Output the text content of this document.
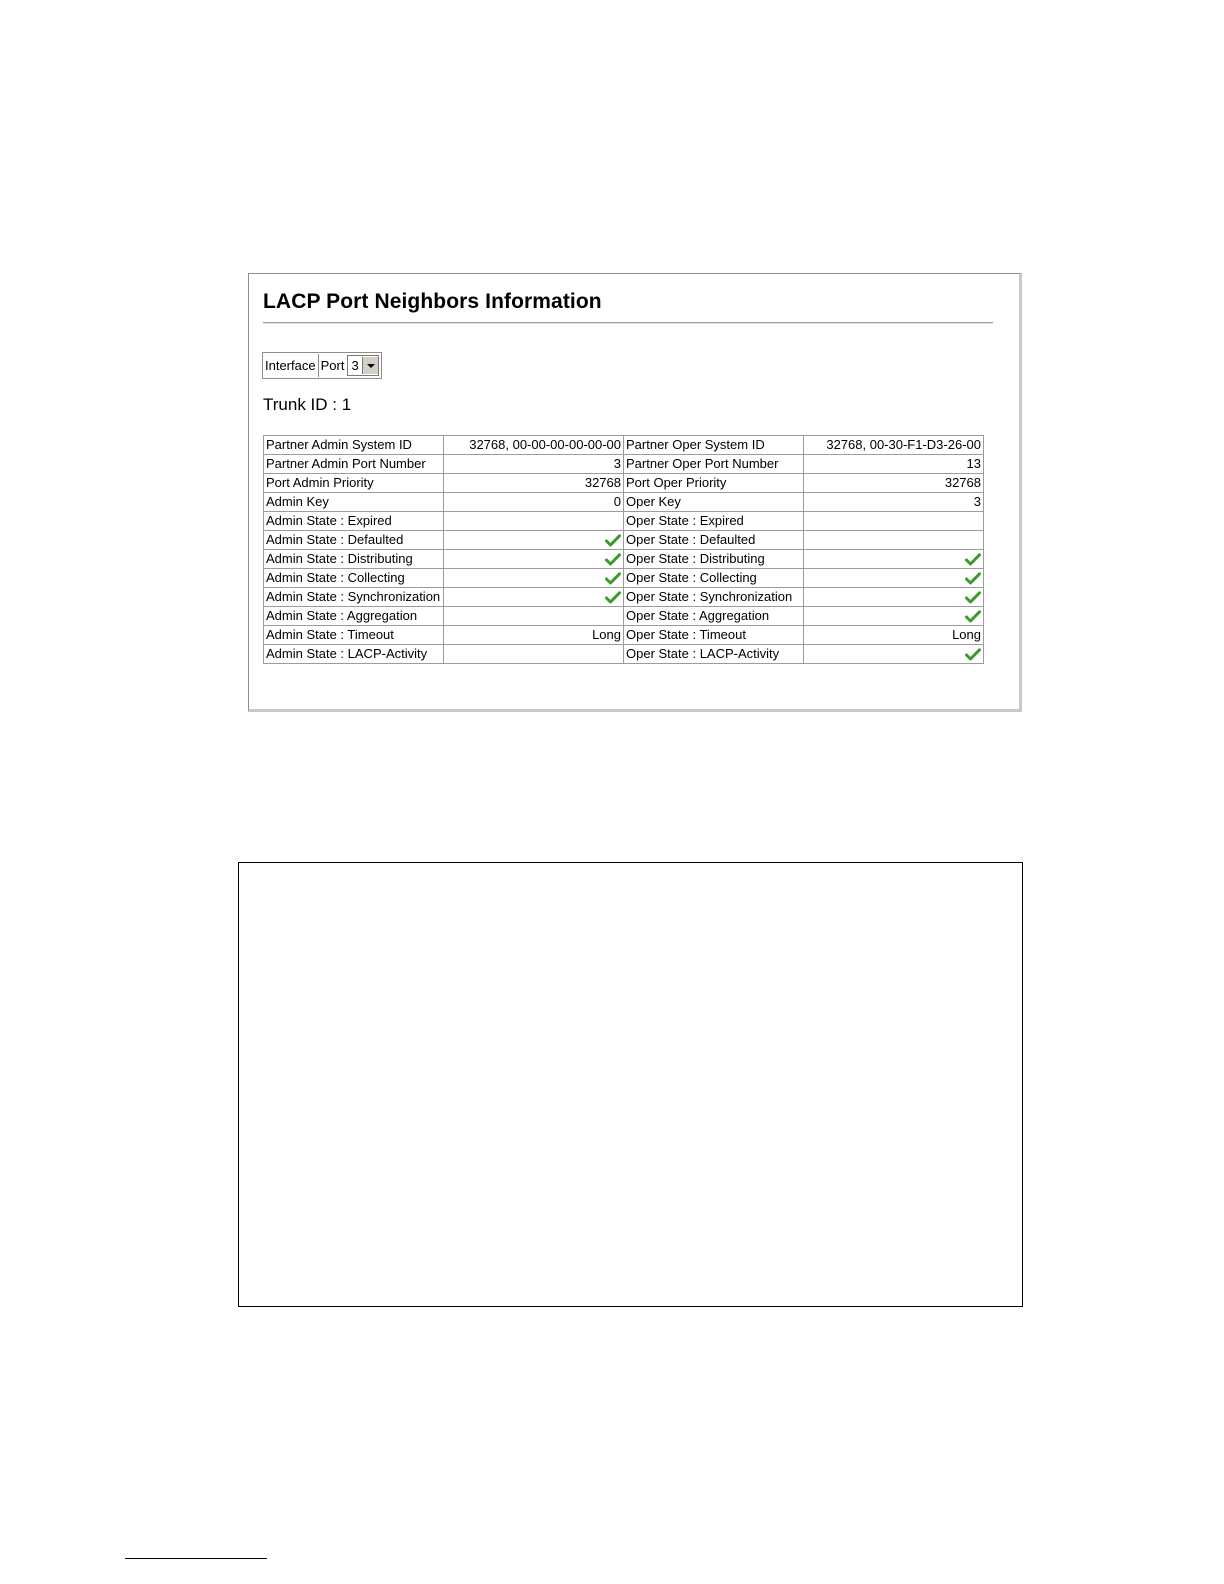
LACP Port Neighbors Information
Interface Port 3
Trunk ID : 1
Partner Admin System ID	32768, 00-00-00-00-00-00	Partner Oper System ID	32768, 00-30-F1-D3-26-00
Partner Admin Port Number	3	Partner Oper Port Number	13
Port Admin Priority	32768	Port Oper Priority	32768
Admin Key	0	Oper Key	3
Admin State : Expired		Oper State : Expired	
Admin State : Defaulted		Oper State : Defaulted	
Admin State : Distributing		Oper State : Distributing	
Admin State : Collecting		Oper State : Collecting	
Admin State : Synchronization		Oper State : Synchronization	
Admin State : Aggregation		Oper State : Aggregation	
Admin State : Timeout	Long	Oper State : Timeout	Long
Admin State : LACP-Activity		Oper State : LACP-Activity	
